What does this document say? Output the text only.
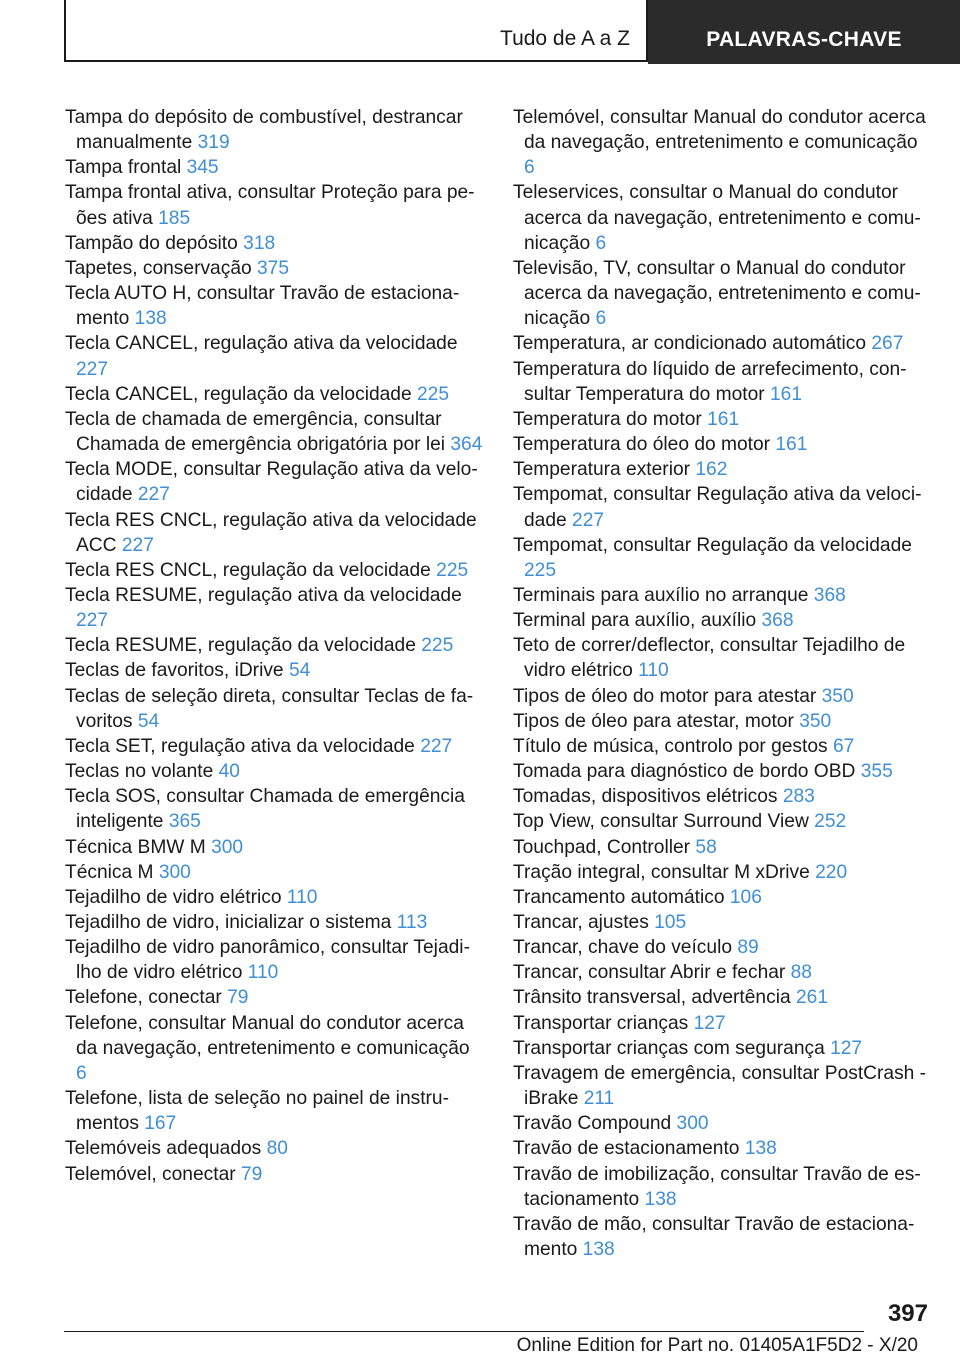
Tudo de A a Z	PALAVRAS-CHAVE

Tampa do depósito de combustível, destrancar manualmente 319

Tampa frontal 345

Tampa frontal ativa, consultar Proteção para peões ativa 185

Tampão do depósito 318

Tapetes, conservação 375

Tecla AUTO H, consultar Travão de estacionamento 138

Tecla CANCEL, regulação ativa da velocidade 227

Tecla CANCEL, regulação da velocidade 225

Tecla de chamada de emergência, consultar Chamada de emergência obrigatória por lei 364

Tecla MODE, consultar Regulação ativa da velocidade 227

Tecla RES CNCL, regulação ativa da velocidade ACC 227

Tecla RES CNCL, regulação da velocidade 225

Tecla RESUME, regulação ativa da velocidade 227

Tecla RESUME, regulação da velocidade 225

Teclas de favoritos, iDrive 54

Teclas de seleção direta, consultar Teclas de favoritos 54

Tecla SET, regulação ativa da velocidade 227

Teclas no volante 40

Tecla SOS, consultar Chamada de emergência inteligente 365

Técnica BMW M 300

Técnica M 300

Tejadilho de vidro elétrico 110

Tejadilho de vidro, inicializar o sistema 113

Tejadilho de vidro panorâmico, consultar Tejadilho de vidro elétrico 110

Telefone, conectar 79

Telefone, consultar Manual do condutor acerca da navegação, entretenimento e comunicação 6

Telefone, lista de seleção no painel de instrumentos 167

Telemóveis adequados 80

Telemóvel, conectar 79

Telemóvel, consultar Manual do condutor acerca da navegação, entretenimento e comunicação 6

Teleservices, consultar o Manual do condutor acerca da navegação, entretenimento e comunicação 6

Televisão, TV, consultar o Manual do condutor acerca da navegação, entretenimento e comunicação 6

Temperatura, ar condicionado automático 267

Temperatura do líquido de arrefecimento, consultar Temperatura do motor 161

Temperatura do motor 161

Temperatura do óleo do motor 161

Temperatura exterior 162

Tempomat, consultar Regulação ativa da velocidade 227

Tempomat, consultar Regulação da velocidade 225

Terminais para auxílio no arranque 368

Terminal para auxílio, auxílio 368

Teto de correr/deflector, consultar Tejadilho de vidro elétrico 110

Tipos de óleo do motor para atestar 350

Tipos de óleo para atestar, motor 350

Título de música, controlo por gestos 67

Tomada para diagnóstico de bordo OBD 355

Tomadas, dispositivos elétricos 283

Top View, consultar Surround View 252

Touchpad, Controller 58

Tração integral, consultar M xDrive 220

Trancamento automático 106

Trancar, ajustes 105

Trancar, chave do veículo 89

Trancar, consultar Abrir e fechar 88

Trânsito transversal, advertência 261

Transportar crianças 127

Transportar crianças com segurança 127

Travagem de emergência, consultar PostCrash - iBrake 211

Travão Compound 300

Travão de estacionamento 138

Travão de imobilização, consultar Travão de estacionamento 138

Travão de mão, consultar Travão de estacionamento 138

397
Online Edition for Part no. 01405A1F5D2 - X/20
